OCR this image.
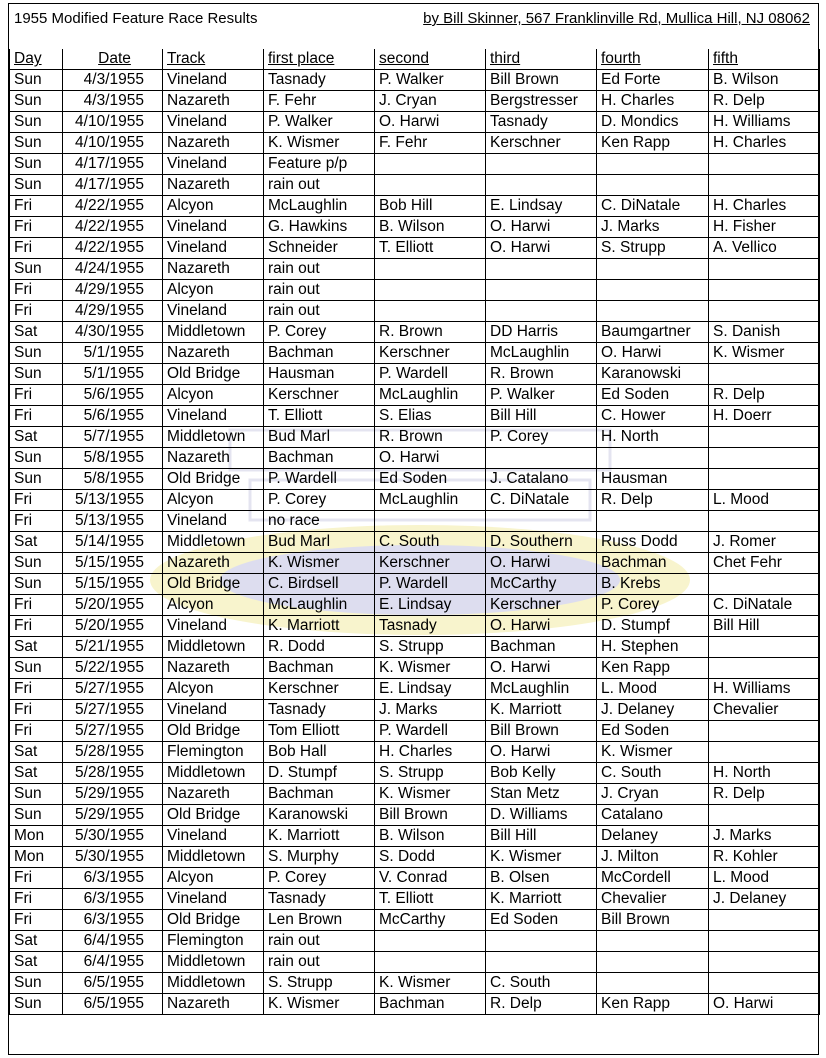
1955 Modified Feature Race Results	by Bill Skinner, 567 Franklinville Rd, Mullica Hill, NJ 08062
Day	Date	Track	first place	second	third	fourth	fifth
Sun	4/3/1955	Vineland	Tasnady	P. Walker	Bill Brown	Ed Forte	B. Wilson
Sun	4/3/1955	Nazareth	F. Fehr	J. Cryan	Bergstresser	H. Charles	R. Delp
Sun	4/10/1955	Vineland	P. Walker	O. Harwi	Tasnady	D. Mondics	H. Williams
Sun	4/10/1955	Nazareth	K. Wismer	F. Fehr	Kerschner	Ken Rapp	H. Charles
Sun	4/17/1955	Vineland	Feature p/p				
Sun	4/17/1955	Nazareth	rain out				
Fri	4/22/1955	Alcyon	McLaughlin	Bob Hill	E. Lindsay	C. DiNatale	H. Charles
Fri	4/22/1955	Vineland	G. Hawkins	B. Wilson	O. Harwi	J. Marks	H. Fisher
Fri	4/22/1955	Vineland	Schneider	T. Elliott	O. Harwi	S. Strupp	A. Vellico
Sun	4/24/1955	Nazareth	rain out				
Fri	4/29/1955	Alcyon	rain out				
Fri	4/29/1955	Vineland	rain out				
Sat	4/30/1955	Middletown	P. Corey	R. Brown	DD Harris	Baumgartner	S. Danish
Sun	5/1/1955	Nazareth	Bachman	Kerschner	McLaughlin	O. Harwi	K. Wismer
Sun	5/1/1955	Old Bridge	Hausman	P. Wardell	R. Brown	Karanowski	
Fri	5/6/1955	Alcyon	Kerschner	McLaughlin	P. Walker	Ed Soden	R. Delp
Fri	5/6/1955	Vineland	T. Elliott	S. Elias	Bill Hill	C. Hower	H. Doerr
Sat	5/7/1955	Middletown	Bud Marl	R. Brown	P. Corey	H. North	
Sun	5/8/1955	Nazareth	Bachman	O. Harwi			
Sun	5/8/1955	Old Bridge	P. Wardell	Ed Soden	J. Catalano	Hausman	
Fri	5/13/1955	Alcyon	P. Corey	McLaughlin	C. DiNatale	R. Delp	L. Mood
Fri	5/13/1955	Vineland	no race				
Sat	5/14/1955	Middletown	Bud Marl	C. South	D. Southern	Russ Dodd	J. Romer
Sun	5/15/1955	Nazareth	K. Wismer	Kerschner	O. Harwi	Bachman	Chet Fehr
Sun	5/15/1955	Old Bridge	C. Birdsell	P. Wardell	McCarthy	B. Krebs	
Fri	5/20/1955	Alcyon	McLaughlin	E. Lindsay	Kerschner	P. Corey	C. DiNatale
Fri	5/20/1955	Vineland	K. Marriott	Tasnady	O. Harwi	D. Stumpf	Bill Hill
Sat	5/21/1955	Middletown	R. Dodd	S. Strupp	Bachman	H. Stephen	
Sun	5/22/1955	Nazareth	Bachman	K. Wismer	O. Harwi	Ken Rapp	
Fri	5/27/1955	Alcyon	Kerschner	E. Lindsay	McLaughlin	L. Mood	H. Williams
Fri	5/27/1955	Vineland	Tasnady	J. Marks	K. Marriott	J. Delaney	Chevalier
Fri	5/27/1955	Old Bridge	Tom Elliott	P. Wardell	Bill Brown	Ed Soden	
Sat	5/28/1955	Flemington	Bob Hall	H. Charles	O. Harwi	K. Wismer	
Sat	5/28/1955	Middletown	D. Stumpf	S. Strupp	Bob Kelly	C. South	H. North
Sun	5/29/1955	Nazareth	Bachman	K. Wismer	Stan Metz	J. Cryan	R. Delp
Sun	5/29/1955	Old Bridge	Karanowski	Bill Brown	D. Williams	Catalano	
Mon	5/30/1955	Vineland	K. Marriott	B. Wilson	Bill Hill	Delaney	J. Marks
Mon	5/30/1955	Middletown	S. Murphy	S. Dodd	K. Wismer	J. Milton	R. Kohler
Fri	6/3/1955	Alcyon	P. Corey	V. Conrad	B. Olsen	McCordell	L. Mood
Fri	6/3/1955	Vineland	Tasnady	T. Elliott	K. Marriott	Chevalier	J. Delaney
Fri	6/3/1955	Old Bridge	Len Brown	McCarthy	Ed Soden	Bill Brown	
Sat	6/4/1955	Flemington	rain out				
Sat	6/4/1955	Middletown	rain out				
Sun	6/5/1955	Middletown	S. Strupp	K. Wismer	C. South		
Sun	6/5/1955	Nazareth	K. Wismer	Bachman	R. Delp	Ken Rapp	O. Harwi
